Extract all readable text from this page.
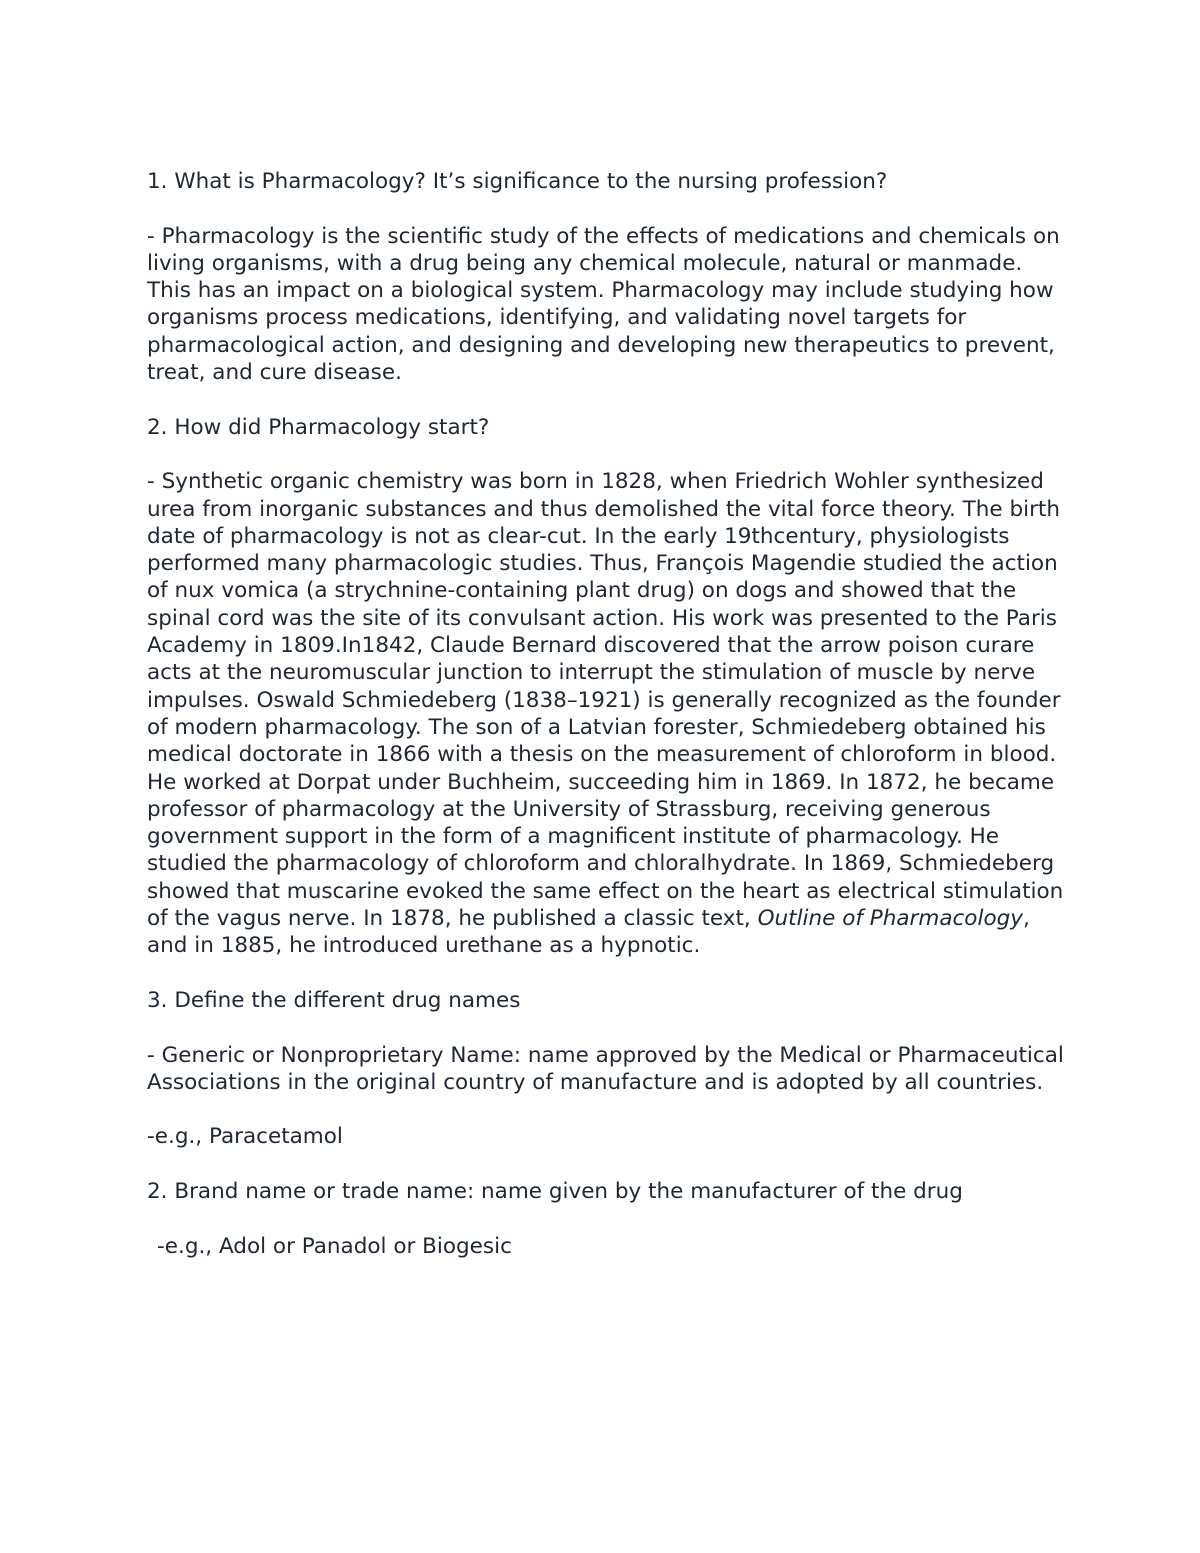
1. What is Pharmacology? It’s significance to the nursing profession?

- Pharmacology is the scientific study of the effects of medications and chemicals on living organisms, with a drug being any chemical molecule, natural or manmade. This has an impact on a biological system. Pharmacology may include studying how organisms process medications, identifying, and validating novel targets for pharmacological action, and designing and developing new therapeutics to prevent, treat, and cure disease.

2. How did Pharmacology start?

- Synthetic organic chemistry was born in 1828, when Friedrich Wohler synthesized urea from inorganic substances and thus demolished the vital force theory. The birth date of pharmacology is not as clear-cut. In the early 19thcentury, physiologists performed many pharmacologic studies. Thus, François Magendie studied the action of nux vomica (a strychnine-containing plant drug) on dogs and showed that the spinal cord was the site of its convulsant action. His work was presented to the Paris Academy in 1809.In1842, Claude Bernard discovered that the arrow poison curare acts at the neuromuscular junction to interrupt the stimulation of muscle by nerve impulses. Oswald Schmiedeberg (1838–1921) is generally recognized as the founder of modern pharmacology. The son of a Latvian forester, Schmiedeberg obtained his medical doctorate in 1866 with a thesis on the measurement of chloroform in blood. He worked at Dorpat under Buchheim, succeeding him in 1869. In 1872, he became professor of pharmacology at the University of Strassburg, receiving generous government support in the form of a magnificent institute of pharmacology. He studied the pharmacology of chloroform and chloralhydrate. In 1869, Schmiedeberg showed that muscarine evoked the same effect on the heart as electrical stimulation of the vagus nerve. In 1878, he published a classic text, Outline of Pharmacology, and in 1885, he introduced urethane as a hypnotic.

3. Define the different drug names

- Generic or Nonproprietary Name: name approved by the Medical or Pharmaceutical Associations in the original country of manufacture and is adopted by all countries.

-e.g., Paracetamol

2. Brand name or trade name: name given by the manufacturer of the drug

-e.g., Adol or Panadol or Biogesic
